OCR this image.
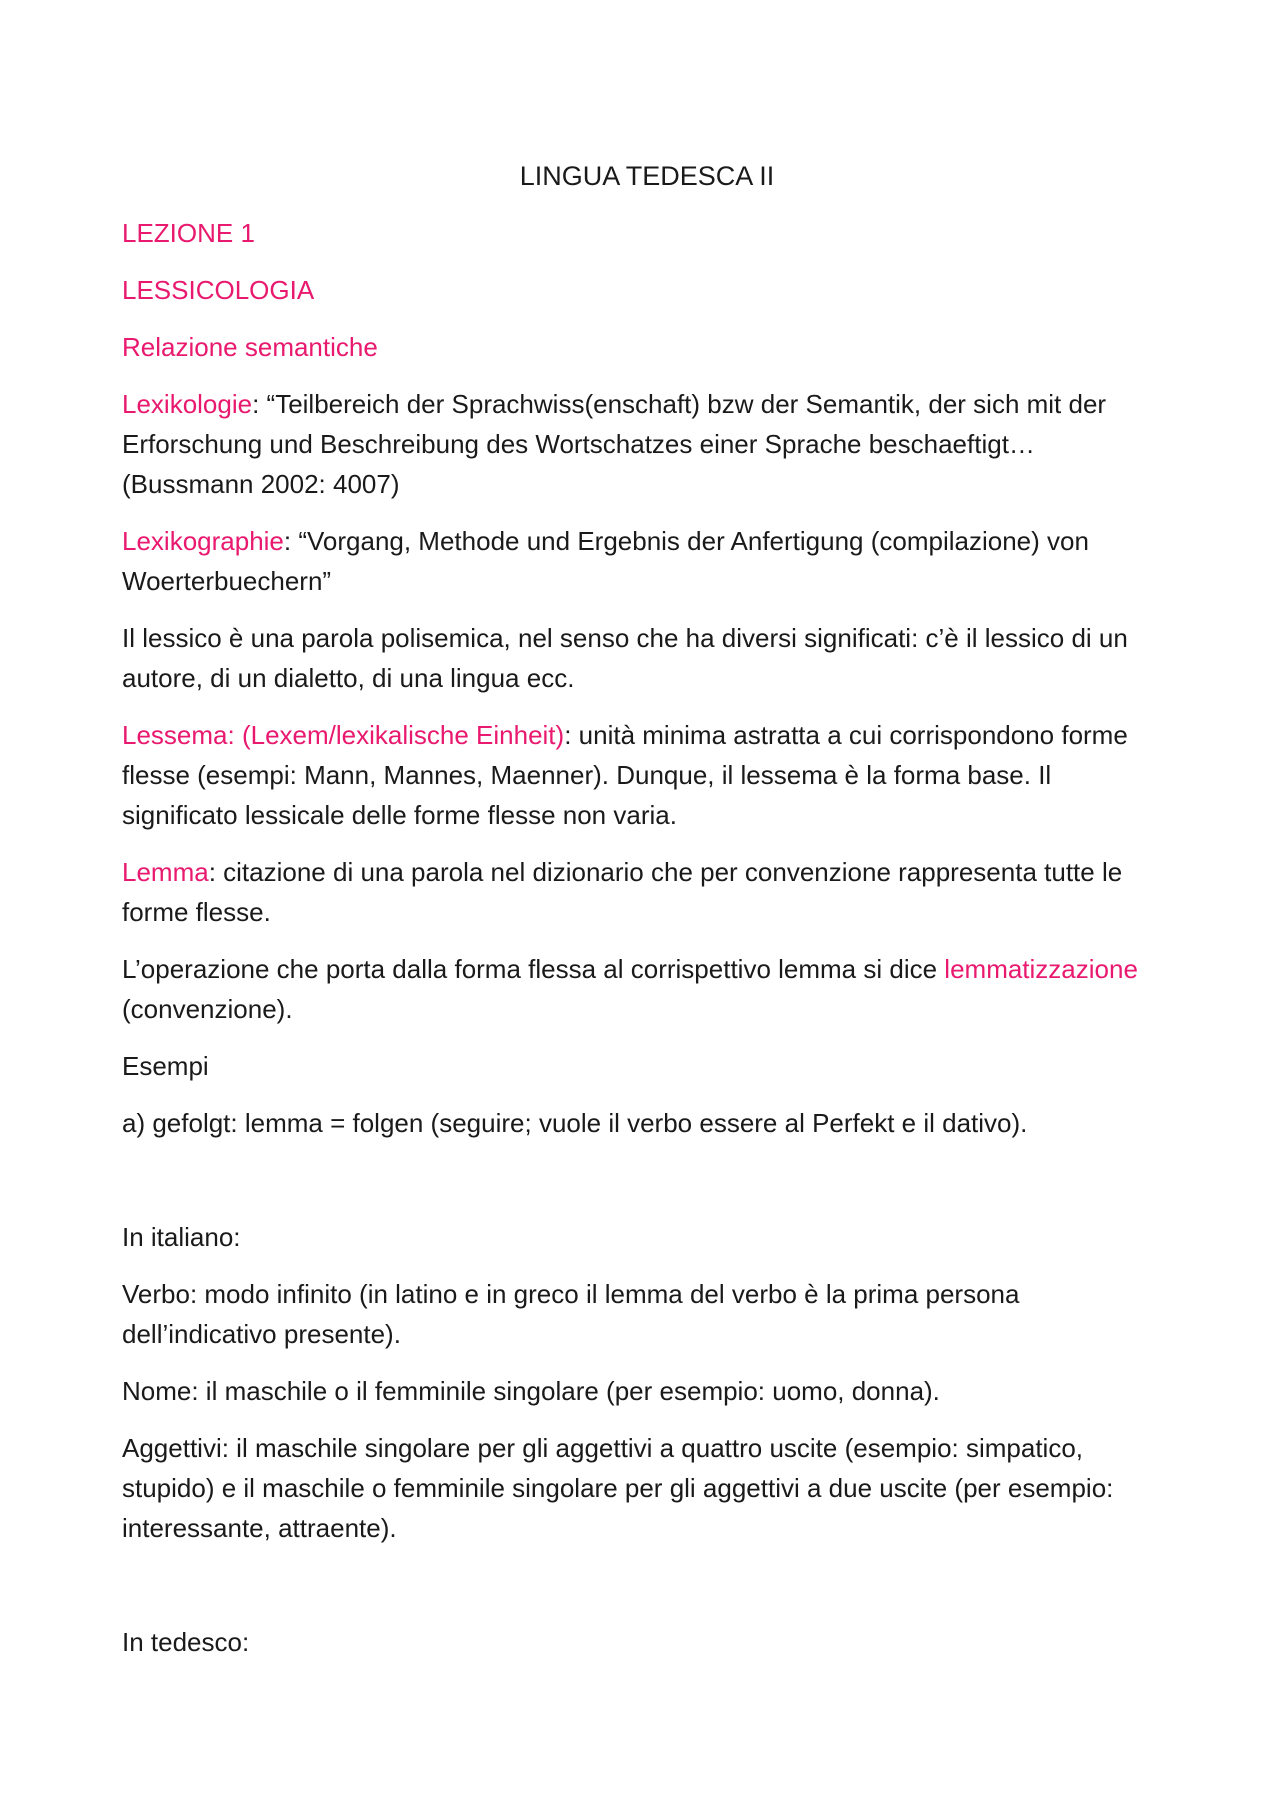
LINGUA TEDESCA II
LEZIONE 1
LESSICOLOGIA
Relazione semantiche
Lexikologie: “Teilbereich der Sprachwiss(enschaft) bzw der Semantik, der sich mit der Erforschung und Beschreibung des Wortschatzes einer Sprache beschaeftigt… (Bussmann 2002: 4007)
Lexikographie: “Vorgang, Methode und Ergebnis der Anfertigung (compilazione) von Woerterbuechern”
Il lessico è una parola polisemica, nel senso che ha diversi significati: c’è il lessico di un autore, di un dialetto, di una lingua ecc.
Lessema: (Lexem/lexikalische Einheit): unità minima astratta a cui corrispondono forme flesse (esempi: Mann, Mannes, Maenner). Dunque, il lessema è la forma base. Il significato lessicale delle forme flesse non varia.
Lemma: citazione di una parola nel dizionario che per convenzione rappresenta tutte le forme flesse.
L’operazione che porta dalla forma flessa al corrispettivo lemma si dice lemmatizzazione (convenzione).
Esempi
a) gefolgt: lemma = folgen (seguire; vuole il verbo essere al Perfekt e il dativo).
In italiano:
Verbo: modo infinito (in latino e in greco il lemma del verbo è la prima persona dell’indicativo presente).
Nome: il maschile o il femminile singolare (per esempio: uomo, donna).
Aggettivi: il maschile singolare per gli aggettivi a quattro uscite (esempio: simpatico, stupido) e il maschile o femminile singolare per gli aggettivi a due uscite (per esempio: interessante, attraente).
In tedesco:
